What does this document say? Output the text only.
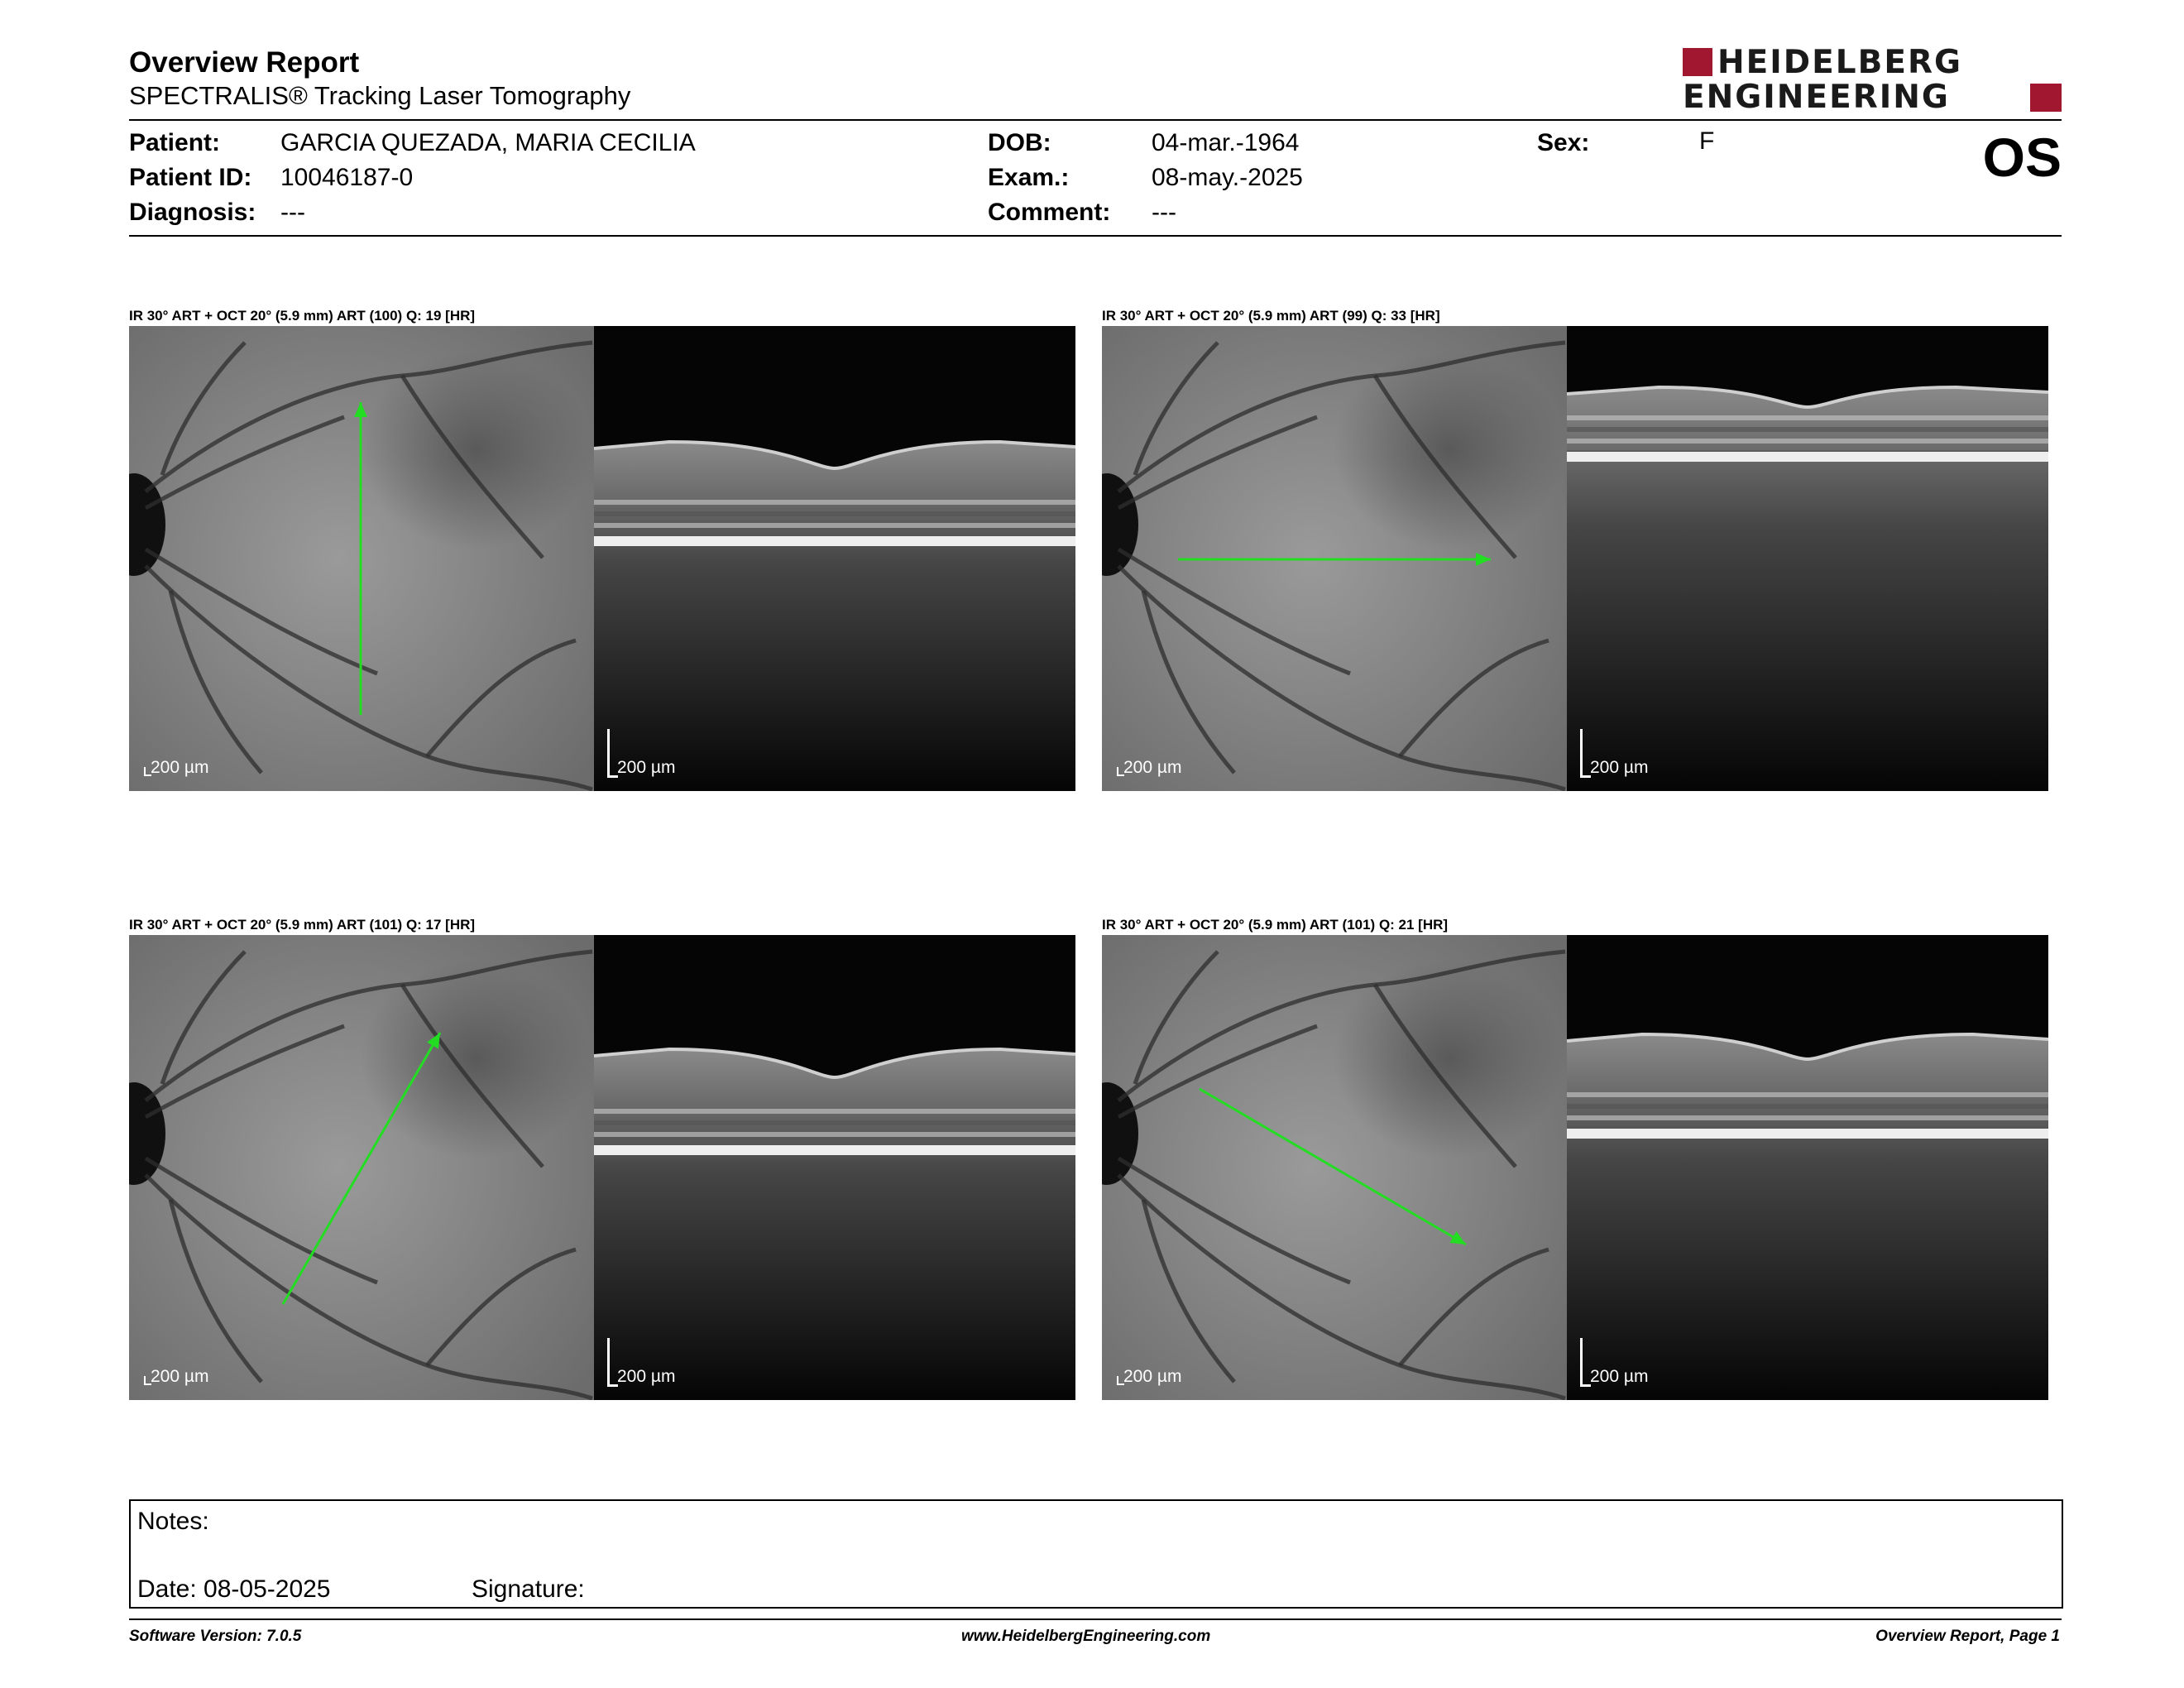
Overview Report
SPECTRALIS® Tracking Laser Tomography
HEIDELBERG
ENGINEERING
Patient: GARCIA QUEZADA, MARIA CECILIA
Patient ID: 10046187-0
Diagnosis: ---
DOB:	04-mar.-1964
Exam.:	08-may.-2025
Comment: ---
Sex:	F	OS
IR 30° ART + OCT 20° (5.9 mm) ART (100) Q: 19 [HR]
200 µm	200 µm
IR 30° ART + OCT 20° (5.9 mm) ART (99) Q: 33 [HR]
200 µm	200 µm
IR 30° ART + OCT 20° (5.9 mm) ART (101) Q: 17 [HR]
200 µm	200 µm
IR 30° ART + OCT 20° (5.9 mm) ART (101) Q: 21 [HR]
200 µm	200 µm
Notes:
Date: 08-05-2025	Signature:
Software Version: 7.0.5	www.HeidelbergEngineering.com	Overview Report, Page 1
